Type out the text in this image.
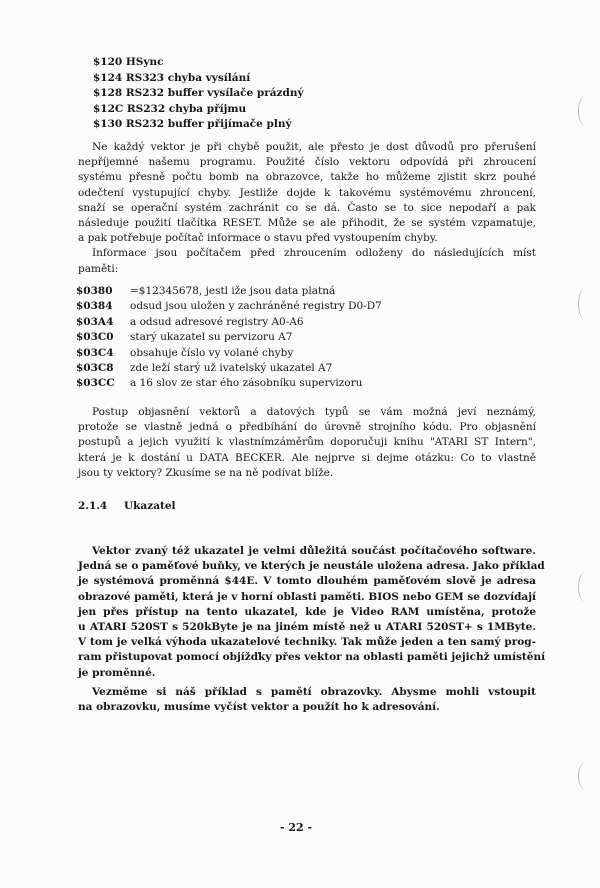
$120 HSync
$124 RS323 chyba vysílání
$128 RS232 buffer vysílače prázdný
$12C RS232 chyba příjmu
$130 RS232 buffer přijímače plný
Ne každý vektor je při chybě použit, ale přesto je dost důvodů pro přerušení
nepříjemné našemu programu. Použité číslo vektoru odpovídá při zhroucení
systému přesně počtu bomb na obrazovce, takže ho můžeme zjistit skrz pouhé
odečtení vystupující chyby. Jestliže dojde k takovému systémovému zhroucení,
snaží se operační systém zachránit co se dá. Často se to sice nepodaří a pak
následuje použití tlačítka RESET. Může se ale přihodit, že se systém vzpamatuje,
a pak potřebuje počítač informace o stavu před vystoupením chyby.
Informace jsou počítačem před zhroucením odloženy do následujících míst
paměti:
$0380	=$12345678, jestl iže jsou data platná
$0384	odsud jsou uložen y zachráněné registry D0-D7
$03A4	a odsud adresové registry A0-A6
$03C0	starý ukazatel su pervizoru A7
$03C4	obsahuje číslo vy volané chyby
$03C8	zde leží starý už ivatelský ukazatel A7
$03CC	a 16 slov ze star ého zásobníku supervizoru
Postup objasnění vektorů a datových typů se vám možná jeví neznámý,
protože se vlastně jedná o předbíhání do úrovně strojního kódu. Pro objasnění
postupů a jejich využití k vlastnímzáměrům doporučuji knihu "ATARI ST Intern",
která je k dostání u DATA BECKER. Ale nejprve si dejme otázku: Co to vlastně
jsou ty vektory? Zkusíme se na ně podívat blíže.
2.1.4 Ukazatel
Vektor zvaný též ukazatel je velmi důležitá součást počítačového software.
Jedná se o paměťové buňky, ve kterých je neustále uložena adresa. Jako příklad
je systémová proměnná $44E. V tomto dlouhém paměťovém slově je adresa
obrazové paměti, která je v horní oblasti paměti. BIOS nebo GEM se dozvídají
jen přes přístup na tento ukazatel, kde je Video RAM umístěna, protože
u ATARI 520ST s 520kByte je na jiném místě než u ATARI 520ST+ s 1MByte.
V tom je velká výhoda ukazatelové techniky. Tak může jeden a ten samý prog-
ram přistupovat pomocí objížďky přes vektor na oblasti paměti jejichž umístění
je proměnné.
Vezměme si náš příklad s pamětí obrazovky. Abysme mohli vstoupit
na obrazovku, musíme vyčíst vektor a použít ho k adresování.
- 22 -
